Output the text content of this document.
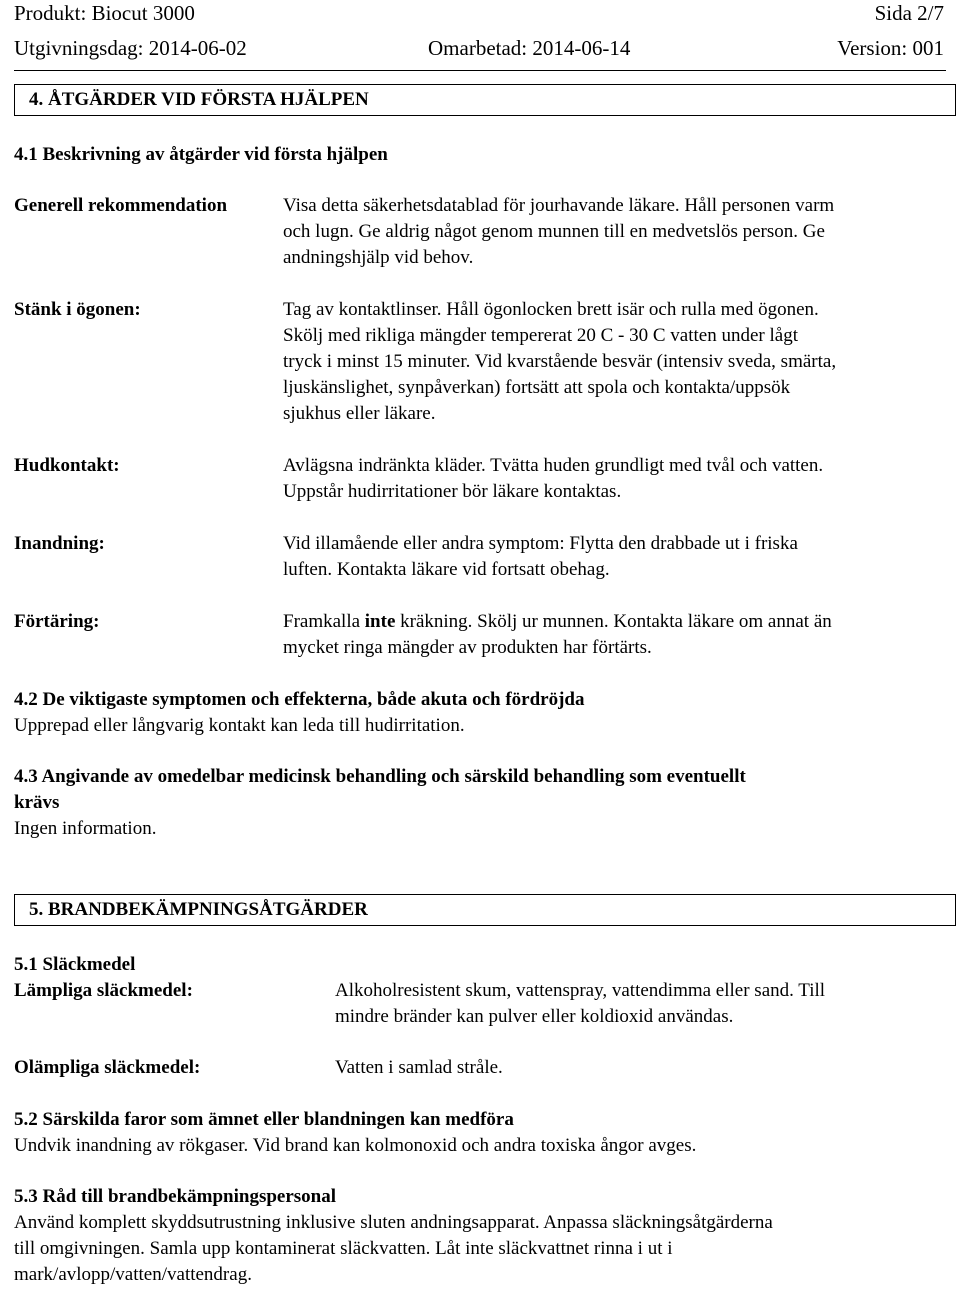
Produkt: Biocut 3000	Sida 2/7
Utgivningsdag: 2014-06-02	Omarbetad: 2014-06-14	Version: 001
4. ÅTGÄRDER VID FÖRSTA HJÄLPEN
4.1 Beskrivning av åtgärder vid första hjälpen
Generell rekommendation	Visa detta säkerhetsdatablad för jourhavande läkare. Håll personen varm
och lugn. Ge aldrig något genom munnen till en medvetslös person. Ge
andningshjälp vid behov.
Stänk i ögonen:	Tag av kontaktlinser. Håll ögonlocken brett isär och rulla med ögonen.
Skölj med rikliga mängder tempererat 20 C - 30 C vatten under lågt
tryck i minst 15 minuter. Vid kvarstående besvär (intensiv sveda, smärta,
ljuskänslighet, synpåverkan) fortsätt att spola och kontakta/uppsök
sjukhus eller läkare.
Hudkontakt:	Avlägsna indränkta kläder. Tvätta huden grundligt med tvål och vatten.
Uppstår hudirritationer bör läkare kontaktas.
Inandning:	Vid illamående eller andra symptom: Flytta den drabbade ut i friska
luften. Kontakta läkare vid fortsatt obehag.
Förtäring:	Framkalla inte kräkning. Skölj ur munnen. Kontakta läkare om annat än
mycket ringa mängder av produkten har förtärts.
4.2 De viktigaste symptomen och effekterna, både akuta och fördröjda
Upprepad eller långvarig kontakt kan leda till hudirritation.
4.3 Angivande av omedelbar medicinsk behandling och särskild behandling som eventuellt
krävs
Ingen information.
5. BRANDBEKÄMPNINGSÅTGÄRDER
5.1 Släckmedel
Lämpliga släckmedel:	Alkoholresistent skum, vattenspray, vattendimma eller sand. Till
mindre bränder kan pulver eller koldioxid användas.
Olämpliga släckmedel:	Vatten i samlad stråle.
5.2 Särskilda faror som ämnet eller blandningen kan medföra
Undvik inandning av rökgaser. Vid brand kan kolmonoxid och andra toxiska ångor avges.
5.3 Råd till brandbekämpningspersonal
Använd komplett skyddsutrustning inklusive sluten andningsapparat. Anpassa släckningsåtgärderna
till omgivningen. Samla upp kontaminerat släckvatten. Låt inte släckvattnet rinna i ut i
mark/avlopp/vatten/vattendrag.
